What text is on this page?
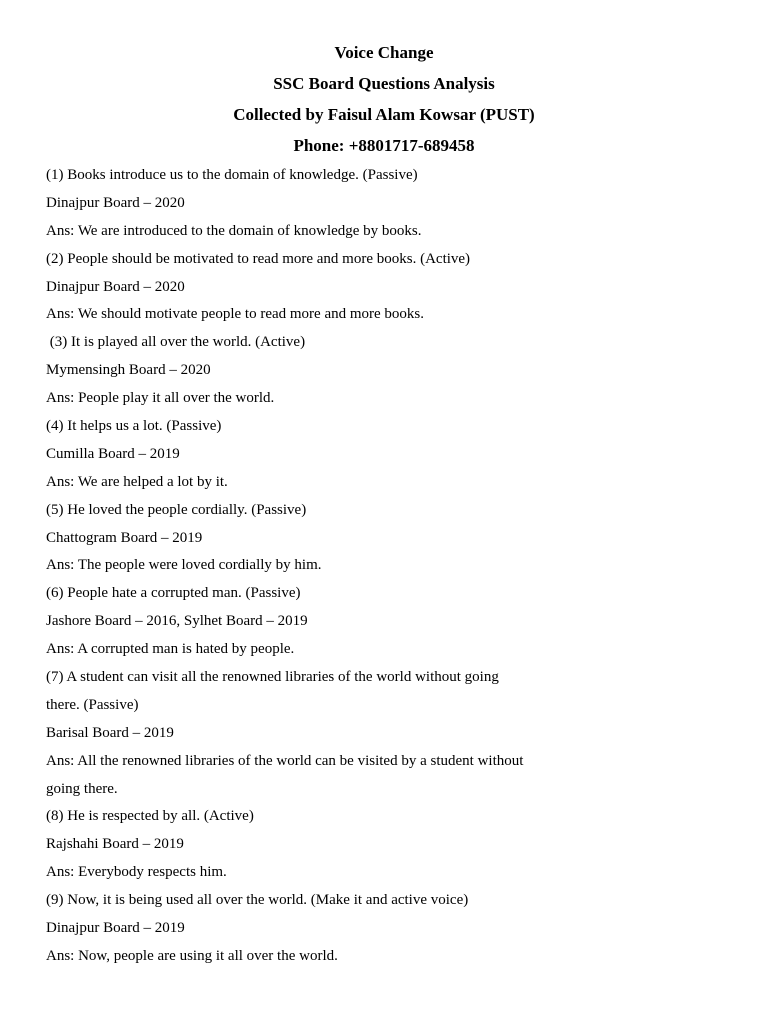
Voice Change
SSC Board Questions Analysis
Collected by Faisul Alam Kowsar (PUST)
Phone: +8801717-689458
(1) Books introduce us to the domain of knowledge. (Passive)
Dinajpur Board – 2020
Ans: We are introduced to the domain of knowledge by books.
(2) People should be motivated to read more and more books. (Active)
Dinajpur Board – 2020
Ans: We should motivate people to read more and more books.
(3) It is played all over the world. (Active)
Mymensingh Board – 2020
Ans: People play it all over the world.
(4) It helps us a lot. (Passive)
Cumilla Board – 2019
Ans: We are helped a lot by it.
(5) He loved the people cordially. (Passive)
Chattogram Board – 2019
Ans: The people were loved cordially by him.
(6) People hate a corrupted man. (Passive)
Jashore Board – 2016, Sylhet Board – 2019
Ans: A corrupted man is hated by people.
(7) A student can visit all the renowned libraries of the world without going
there. (Passive)
Barisal Board – 2019
Ans: All the renowned libraries of the world can be visited by a student without
going there.
(8) He is respected by all. (Active)
Rajshahi Board – 2019
Ans: Everybody respects him.
(9) Now, it is being used all over the world. (Make it and active voice)
Dinajpur Board – 2019
Ans: Now, people are using it all over the world.
